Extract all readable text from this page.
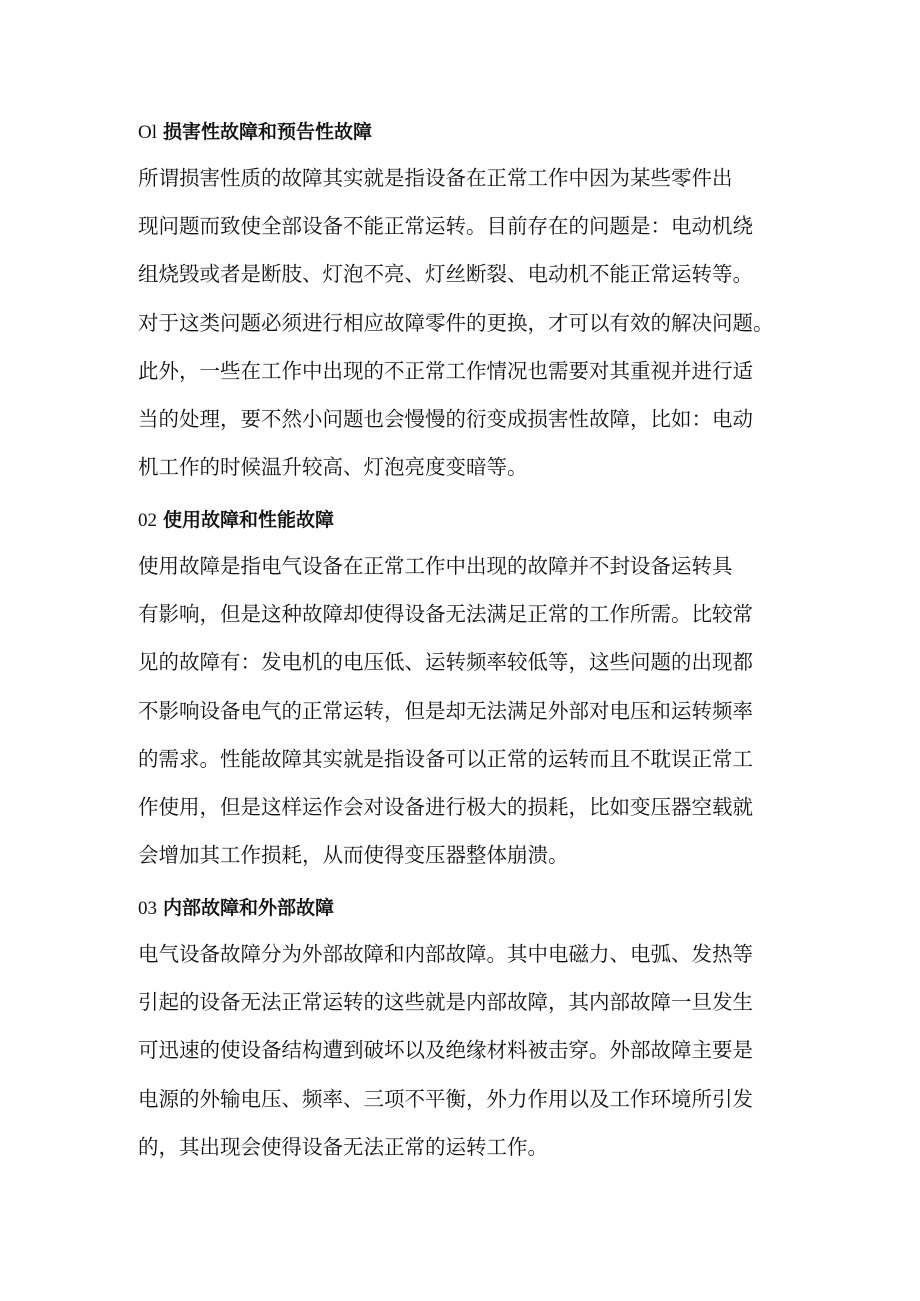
Ol 损害性故障和预告性故障

所谓损害性质的故障其实就是指设备在正常工作中因为某些零件出
现问题而致使全部设备不能正常运转。目前存在的问题是：电动机绕
组烧毁或者是断肢、灯泡不亮、灯丝断裂、电动机不能正常运转等。
对于这类问题必须进行相应故障零件的更换，才可以有效的解决问题。
此外，一些在工作中出现的不正常工作情况也需要对其重视并进行适
当的处理，要不然小问题也会慢慢的衍变成损害性故障，比如：电动
机工作的时候温升较高、灯泡亮度变暗等。

02 使用故障和性能故障

使用故障是指电气设备在正常工作中出现的故障并不封设备运转具
有影响，但是这种故障却使得设备无法满足正常的工作所需。比较常
见的故障有：发电机的电压低、运转频率较低等，这些问题的出现都
不影响设备电气的正常运转，但是却无法满足外部对电压和运转频率
的需求。性能故障其实就是指设备可以正常的运转而且不耽误正常工
作使用，但是这样运作会对设备进行极大的损耗，比如变压器空载就
会增加其工作损耗，从而使得变压器整体崩溃。

03 内部故障和外部故障

电气设备故障分为外部故障和内部故障。其中电磁力、电弧、发热等
引起的设备无法正常运转的这些就是内部故障，其内部故障一旦发生
可迅速的使设备结构遭到破坏以及绝缘材料被击穿。外部故障主要是
电源的外输电压、频率、三项不平衡，外力作用以及工作环境所引发
的，其出现会使得设备无法正常的运转工作。
